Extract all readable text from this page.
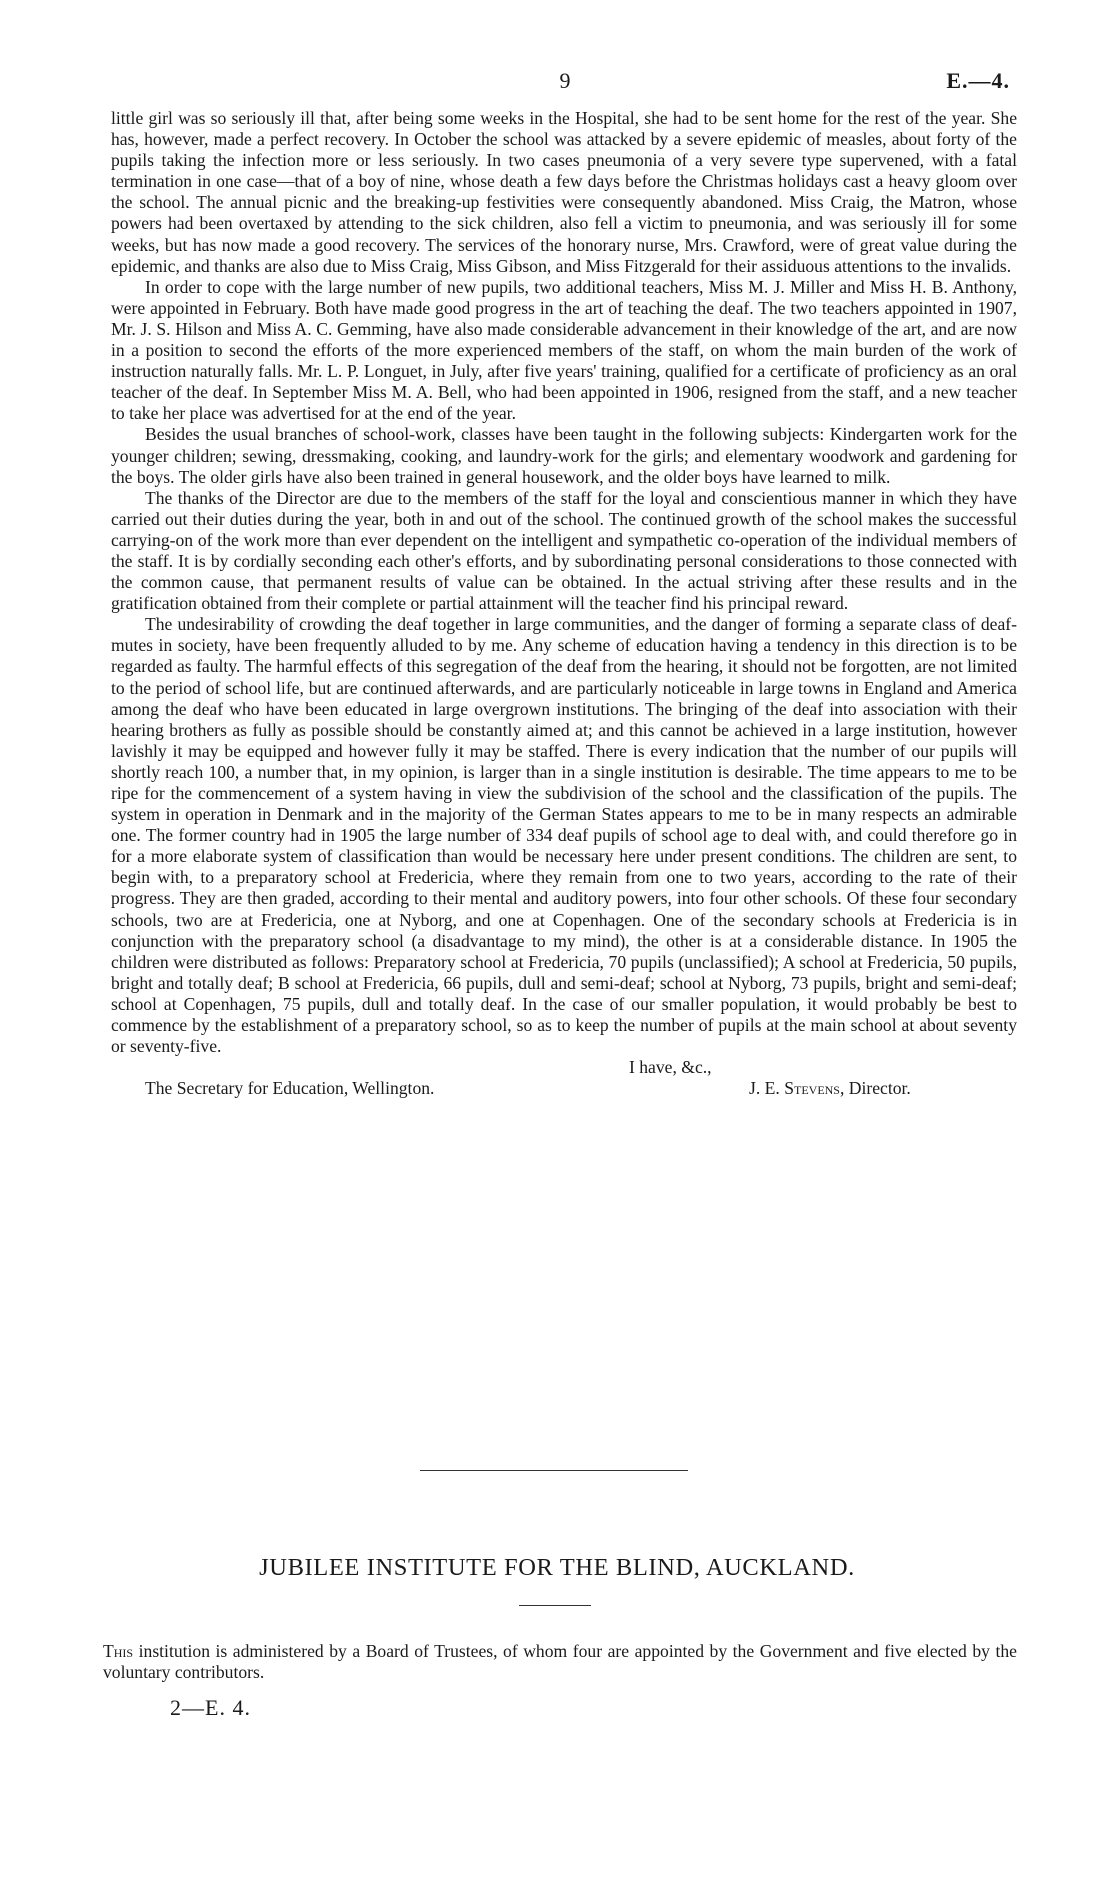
9	E.—4.

little girl was so seriously ill that, after being some weeks in the Hospital, she had to be sent home for the rest of the year. She has, however, made a perfect recovery. In October the school was attacked by a severe epidemic of measles, about forty of the pupils taking the infection more or less seriously. In two cases pneumonia of a very severe type supervened, with a fatal termination in one case—that of a boy of nine, whose death a few days before the Christmas holidays cast a heavy gloom over the school. The annual picnic and the breaking-up festivities were consequently abandoned. Miss Craig, the Matron, whose powers had been overtaxed by attending to the sick children, also fell a victim to pneumonia, and was seriously ill for some weeks, but has now made a good recovery. The services of the honorary nurse, Mrs. Crawford, were of great value during the epidemic, and thanks are also due to Miss Craig, Miss Gibson, and Miss Fitzgerald for their assiduous attentions to the invalids.

In order to cope with the large number of new pupils, two additional teachers, Miss M. J. Miller and Miss H. B. Anthony, were appointed in February. Both have made good progress in the art of teaching the deaf. The two teachers appointed in 1907, Mr. J. S. Hilson and Miss A. C. Gemming, have also made considerable advancement in their knowledge of the art, and are now in a position to second the efforts of the more experienced members of the staff, on whom the main burden of the work of instruction naturally falls. Mr. L. P. Longuet, in July, after five years' training, qualified for a certificate of proficiency as an oral teacher of the deaf. In September Miss M. A. Bell, who had been appointed in 1906, resigned from the staff, and a new teacher to take her place was advertised for at the end of the year.

Besides the usual branches of school-work, classes have been taught in the following subjects: Kindergarten work for the younger children; sewing, dressmaking, cooking, and laundry-work for the girls; and elementary woodwork and gardening for the boys. The older girls have also been trained in general housework, and the older boys have learned to milk.

The thanks of the Director are due to the members of the staff for the loyal and conscientious manner in which they have carried out their duties during the year, both in and out of the school. The continued growth of the school makes the successful carrying-on of the work more than ever dependent on the intelligent and sympathetic co-operation of the individual members of the staff. It is by cordially seconding each other's efforts, and by subordinating personal considerations to those connected with the common cause, that permanent results of value can be obtained. In the actual striving after these results and in the gratification obtained from their complete or partial attainment will the teacher find his principal reward.

The undesirability of crowding the deaf together in large communities, and the danger of forming a separate class of deaf-mutes in society, have been frequently alluded to by me. Any scheme of education having a tendency in this direction is to be regarded as faulty. The harmful effects of this segregation of the deaf from the hearing, it should not be forgotten, are not limited to the period of school life, but are continued afterwards, and are particularly noticeable in large towns in England and America among the deaf who have been educated in large overgrown institutions. The bringing of the deaf into association with their hearing brothers as fully as possible should be constantly aimed at; and this cannot be achieved in a large institution, however lavishly it may be equipped and however fully it may be staffed. There is every indication that the number of our pupils will shortly reach 100, a number that, in my opinion, is larger than in a single institution is desirable. The time appears to me to be ripe for the commencement of a system having in view the subdivision of the school and the classification of the pupils. The system in operation in Denmark and in the majority of the German States appears to me to be in many respects an admirable one. The former country had in 1905 the large number of 334 deaf pupils of school age to deal with, and could therefore go in for a more elaborate system of classification than would be necessary here under present conditions. The children are sent, to begin with, to a preparatory school at Fredericia, where they remain from one to two years, according to the rate of their progress. They are then graded, according to their mental and auditory powers, into four other schools. Of these four secondary schools, two are at Fredericia, one at Nyborg, and one at Copenhagen. One of the secondary schools at Fredericia is in conjunction with the preparatory school (a disadvantage to my mind), the other is at a considerable distance. In 1905 the children were distributed as follows: Preparatory school at Fredericia, 70 pupils (unclassified); A school at Fredericia, 50 pupils, bright and totally deaf; B school at Fredericia, 66 pupils, dull and semi-deaf; school at Nyborg, 73 pupils, bright and semi-deaf; school at Copenhagen, 75 pupils, dull and totally deaf. In the case of our smaller population, it would probably be best to commence by the establishment of a preparatory school, so as to keep the number of pupils at the main school at about seventy or seventy-five.

I have, &c.,
The Secretary for Education, Wellington.	J. E. Stevens, Director.
JUBILEE INSTITUTE FOR THE BLIND, AUCKLAND.

This institution is administered by a Board of Trustees, of whom four are appointed by the Government and five elected by the voluntary contributors.

2—E. 4.
